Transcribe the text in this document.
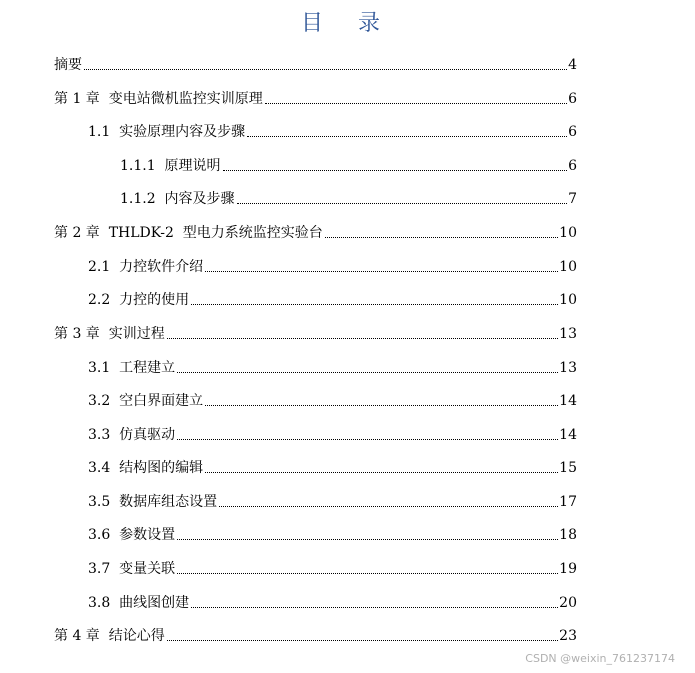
目 录
摘要	4
第 1 章  变电站微机监控实训原理	6
1.1  实验原理内容及步骤	6
1.1.1  原理说明	6
1.1.2  内容及步骤	7
第 2 章  THLDK-2  型电力系统监控实验台	10
2.1  力控软件介绍	10
2.2  力控的使用	10
第 3 章  实训过程	13
3.1  工程建立	13
3.2  空白界面建立	14
3.3  仿真驱动	14
3.4  结构图的编辑	15
3.5  数据库组态设置	17
3.6  参数设置	18
3.7  变量关联	19
3.8  曲线图创建	20
第 4 章  结论心得	23
CSDN @weixin_761237174
